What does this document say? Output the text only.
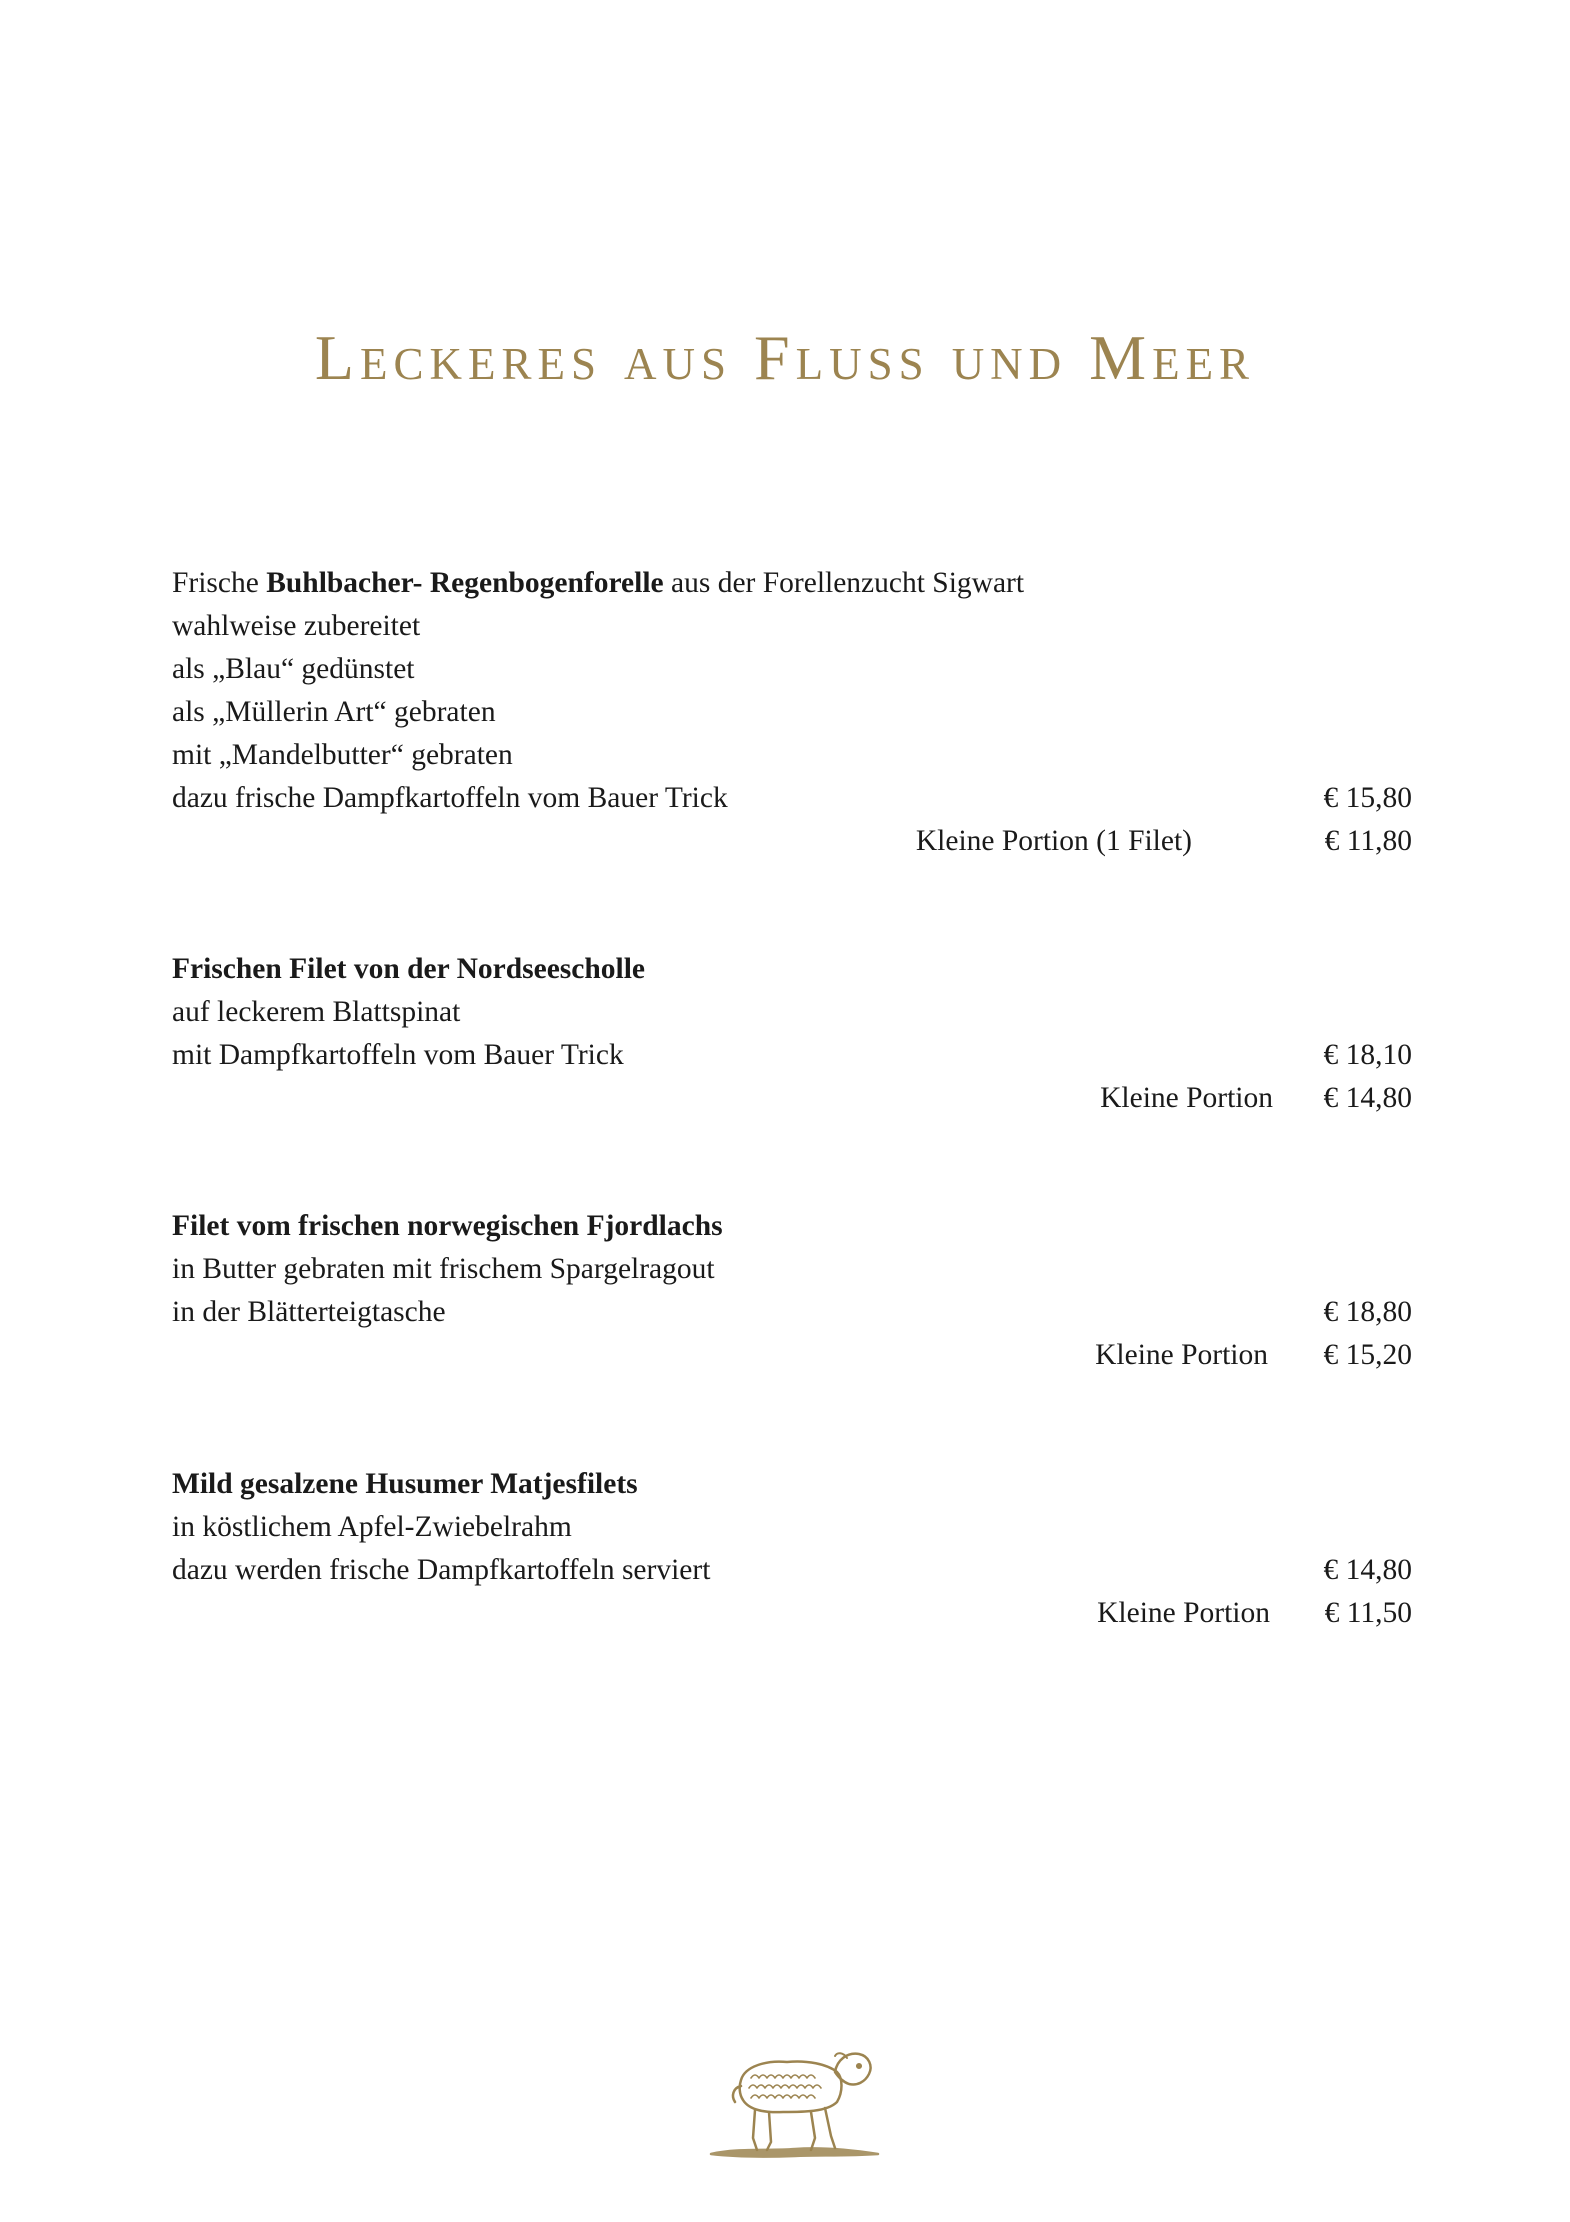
Leckeres aus Fluss und Meer
Frische Buhlbacher- Regenbogenforelle aus der Forellenzucht Sigwart
wahlweise zubereitet
als „Blau“ gedünstet
als „Müllerin Art“ gebraten
mit „Mandelbutter“ gebraten
dazu frische Dampfkartoffeln vom Bauer Trick	€ 15,80
Kleine Portion (1 Filet)	€ 11,80
Frischen Filet von der Nordseescholle
auf leckerem Blattspinat
mit Dampfkartoffeln vom Bauer Trick	€ 18,10
Kleine Portion € 14,80
Filet vom frischen norwegischen Fjordlachs
in Butter gebraten mit frischem Spargelragout
in der Blätterteigtasche	€ 18,80
Kleine Portion € 15,20
Mild gesalzene Husumer Matjesfilets
in köstlichem Apfel-Zwiebelrahm
dazu werden frische Dampfkartoffeln serviert	€ 14,80
Kleine Portion € 11,50
